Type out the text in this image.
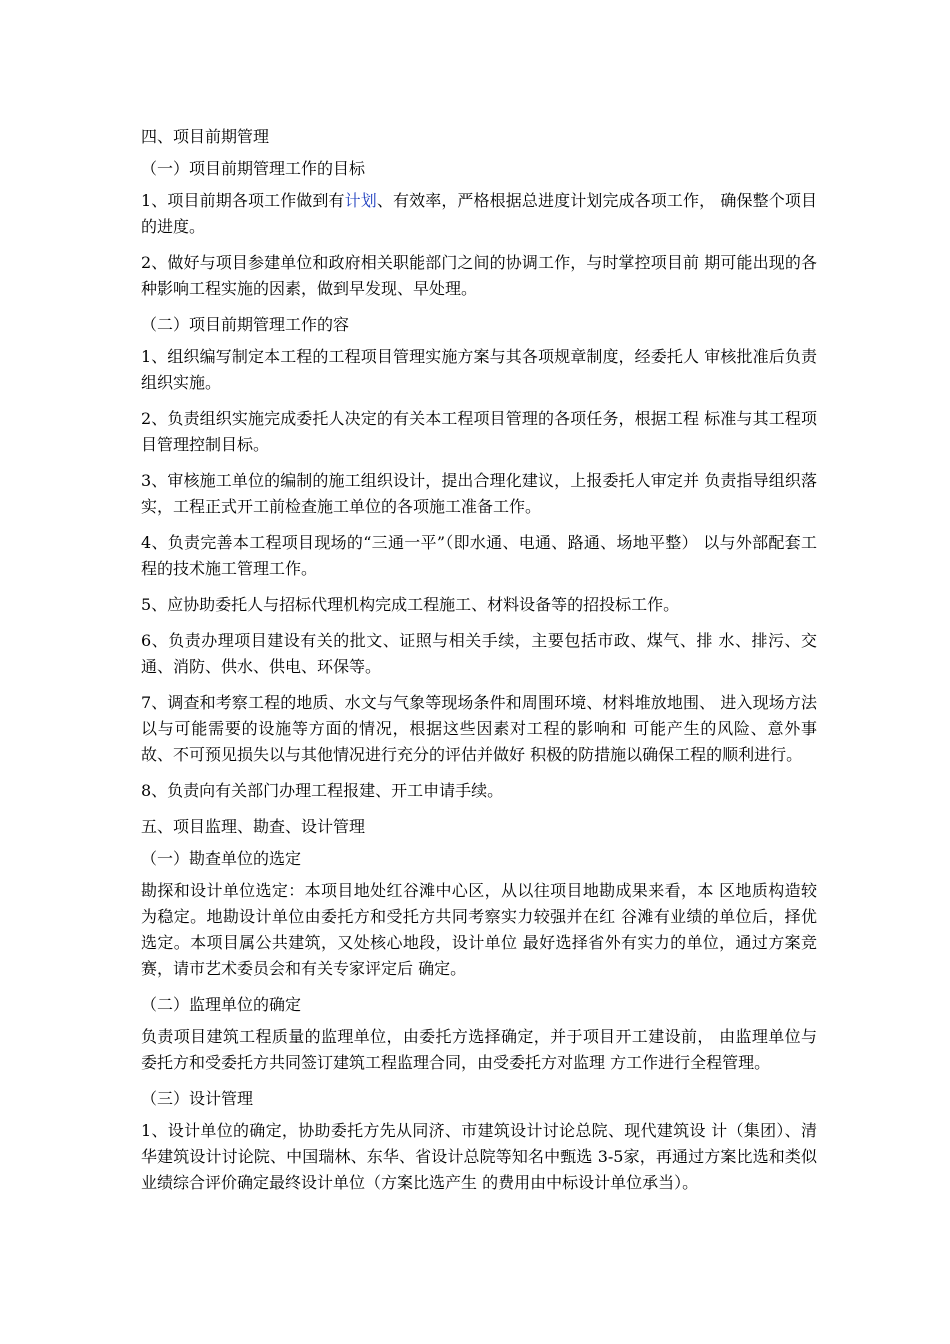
四、项目前期管理

（一）项目前期管理工作的目标

1、项目前期各项工作做到有计划、有效率，严格根据总进度计划完成各项工作， 确保整个项目的进度。

2、做好与项目参建单位和政府相关职能部门之间的协调工作，与时掌控项目前 期可能出现的各种影响工程实施的因素，做到早发现、早处理。

（二）项目前期管理工作的容

1、组织编写制定本工程的工程项目管理实施方案与其各项规章制度，经委托人 审核批准后负责组织实施。

2、负责组织实施完成委托人决定的有关本工程项目管理的各项任务，根据工程 标准与其工程项目管理控制目标。

3、审核施工单位的编制的施工组织设计，提出合理化建议，上报委托人审定并 负责指导组织落实，工程正式开工前检查施工单位的各项施工准备工作。

4、负责完善本工程项目现场的“三通一平”（即水通、电通、路通、场地平整） 以与外部配套工程的技术施工管理工作。

5、应协助委托人与招标代理机构完成工程施工、材料设备等的招投标工作。

6、负责办理项目建设有关的批文、证照与相关手续，主要包括市政、煤气、排 水、排污、交通、消防、供水、供电、环保等。

7、调查和考察工程的地质、水文与气象等现场条件和周围环境、材料堆放地围、 进入现场方法以与可能需要的设施等方面的情况，根据这些因素对工程的影响和 可能产生的风险、意外事故、不可预见损失以与其他情况进行充分的评估并做好 积极的防措施以确保工程的顺利进行。

8、负责向有关部门办理工程报建、开工申请手续。

五、项目监理、勘查、设计管理

（一）勘查单位的选定

勘探和设计单位选定：本项目地处红谷滩中心区，从以往项目地勘成果来看，本 区地质构造较为稳定。地勘设计单位由委托方和受托方共同考察实力较强并在红 谷滩有业绩的单位后，择优选定。本项目属公共建筑，又处核心地段，设计单位 最好选择省外有实力的单位，通过方案竞赛，请市艺术委员会和有关专家评定后 确定。

（二）监理单位的确定

负责项目建筑工程质量的监理单位，由委托方选择确定，并于项目开工建设前， 由监理单位与委托方和受委托方共同签订建筑工程监理合同，由受委托方对监理 方工作进行全程管理。

（三）设计管理

1、设计单位的确定，协助委托方先从同济、市建筑设计讨论总院、现代建筑设 计（集团）、清华建筑设计讨论院、中国瑞林、东华、省设计总院等知名中甄选 3-5家，再通过方案比选和类似业绩综合评价确定最终设计单位（方案比选产生 的费用由中标设计单位承当）。
